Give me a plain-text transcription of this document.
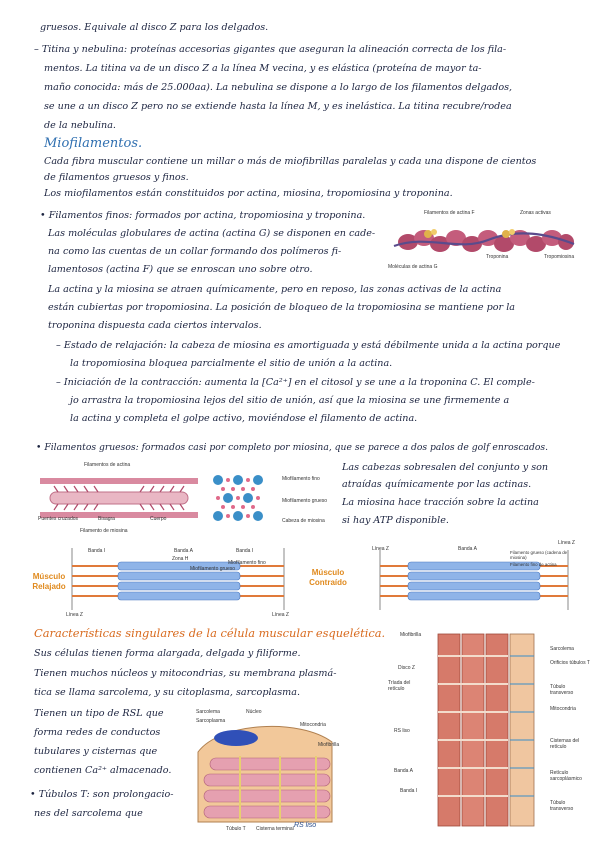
gruesos. Equivale al disco Z para los delgados.
– Titina y nebulina: proteínas accesorias gigantes que aseguran la alineación correcta de los fila-
mentos. La titina va de un disco Z a la línea M vecina, y es elástica (proteína de mayor ta-
maño conocida: más de 25.000aa). La nebulina se dispone a lo largo de los filamentos delgados,
se une a un disco Z pero no se extiende hasta la línea M, y es inelástica. La titina recubre/rodea
de la nebulina.
Miofilamentos.
Cada fibra muscular contiene un millar o más de miofibrillas paralelas y cada una dispone de cientos
de filamentos gruesos y finos.
Los miofilamentos están constituidos por actina, miosina, tropomiosina y troponina.
• Filamentos finos: formados por actina, tropomiosina y troponina.
Las moléculas globulares de actina (actina G) se disponen en cade-
na como las cuentas de un collar formando dos polímeros fi-
lamentosos (actina F) que se enroscan uno sobre otro.
Filamentos de actina F	Zonas activas
Moléculas de actina G
Troponina	Tropomiosina
La actina y la miosina se atraen químicamente, pero en reposo, las zonas activas de la actina
están cubiertas por tropomiosina. La posición de bloqueo de la tropomiosina se mantiene por la
troponina dispuesta cada ciertos intervalos.
– Estado de relajación: la cabeza de miosina es amortiguada y está débilmente unida a la actina porque
la tropomiosina bloquea parcialmente el sitio de unión a la actina.
– Iniciación de la contracción: aumenta la [Ca²⁺] en el citosol y se une a la troponina C. El comple-
jo arrastra la tropomiosina lejos del sitio de unión, así que la miosina se une firmemente a
la actina y completa el golpe activo, moviéndose el filamento de actina.
• Filamentos gruesos: formados casi por completo por miosina, que se parece a dos palos de golf enroscados.
Las cabezas sobresalen del conjunto y son
atraídas químicamente por las actinas.
La miosina hace tracción sobre la actina
si hay ATP disponible.
Filamentos de actina
Puentes cruzados	Bisagra	Cuerpo
Filamento de miosina
Miofilamento fino
Miofilamento grueso
Cabeza de miosina
Músculo
Relajado
Banda I	Banda A	Banda I
Zona H
Miofilamento fino
Miofilamento grueso
Línea Z	Línea Z
Músculo
Contraído
Línea Z	Banda A
Filamento grueso (cadena de miosina)
Filamento fino de actina
Línea Z
Características singulares de la célula muscular esquelética.
Sus células tienen forma alargada, delgada y filiforme.
Tienen muchos núcleos y mitocondrias, su membrana plasmá-
tica se llama sarcolema, y su citoplasma, sarcoplasma.
Tienen un tipo de RSL que
forma redes de conductos
tubulares y cisternas que
contienen Ca²⁺ almacenado.
• Túbulos T: son prolongacio-
nes del sarcolema que
Sarcolema	Núcleo
Sarcoplasma
Mitocondria
Miofibrilla
Túbulo T Cisterna terminal RS liso
Miofibrilla
Disco Z
Tríada del retículo
RS liso
Banda A
Banda I
Sarcolema
Orificios túbulos T
Túbulo transverso
Mitocondria
Cisternas del retículo
Retículo sarcoplásmico
Túbulo transverso
